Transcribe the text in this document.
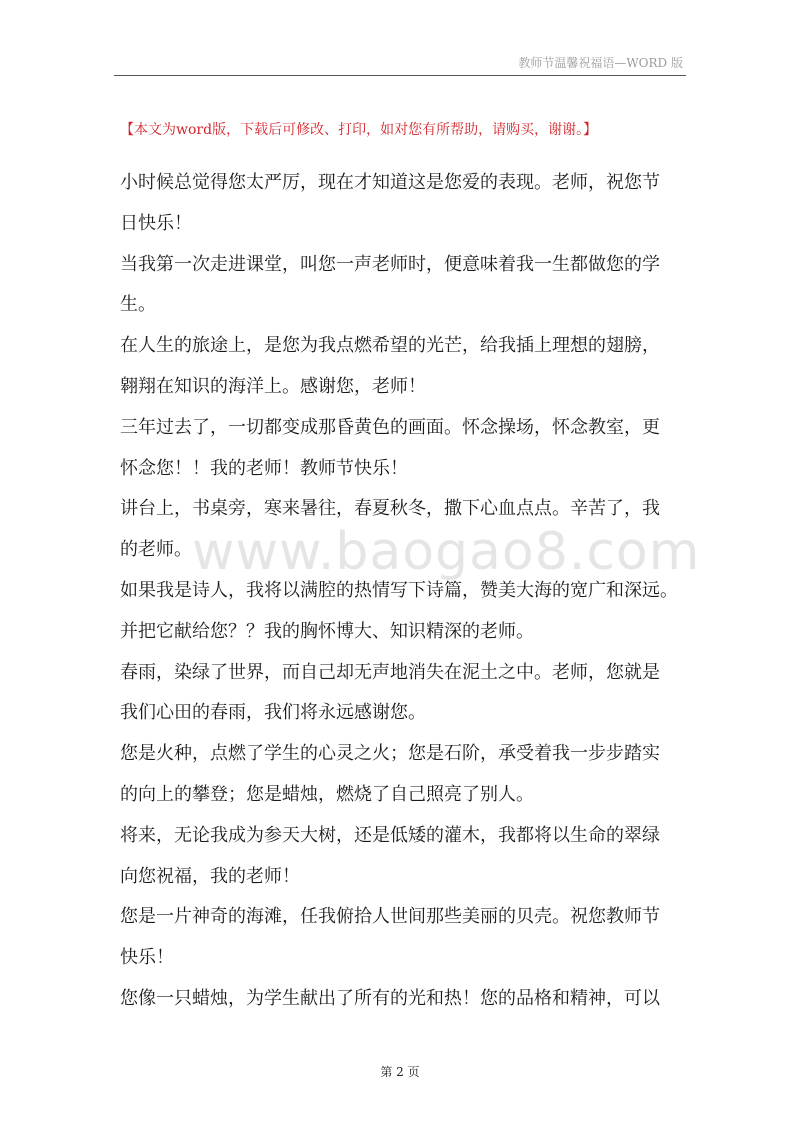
教师节温馨祝福语—WORD 版
【本文为word版，下载后可修改、打印，如对您有所帮助，请购买，谢谢。】
小时候总觉得您太严厉，现在才知道这是您爱的表现。老师，祝您节
日快乐！
当我第一次走进课堂，叫您一声老师时，便意味着我一生都做您的学
生。
在人生的旅途上，是您为我点燃希望的光芒，给我插上理想的翅膀，
翱翔在知识的海洋上。感谢您，老师！
三年过去了，一切都变成那昏黄色的画面。怀念操场，怀念教室，更
怀念您！！我的老师！教师节快乐！
讲台上，书桌旁，寒来暑往，春夏秋冬，撒下心血点点。辛苦了，我
的老师。
如果我是诗人，我将以满腔的热情写下诗篇，赞美大海的宽广和深远。
并把它献给您？？我的胸怀博大、知识精深的老师。
春雨，染绿了世界，而自己却无声地消失在泥土之中。老师，您就是
我们心田的春雨，我们将永远感谢您。
您是火种，点燃了学生的心灵之火；您是石阶，承受着我一步步踏实
的向上的攀登；您是蜡烛，燃烧了自己照亮了别人。
将来，无论我成为参天大树，还是低矮的灌木，我都将以生命的翠绿
向您祝福，我的老师！
您是一片神奇的海滩，任我俯拾人世间那些美丽的贝壳。祝您教师节
快乐！
您像一只蜡烛，为学生献出了所有的光和热！您的品格和精神，可以
www.baogao8.com
第 2 页
